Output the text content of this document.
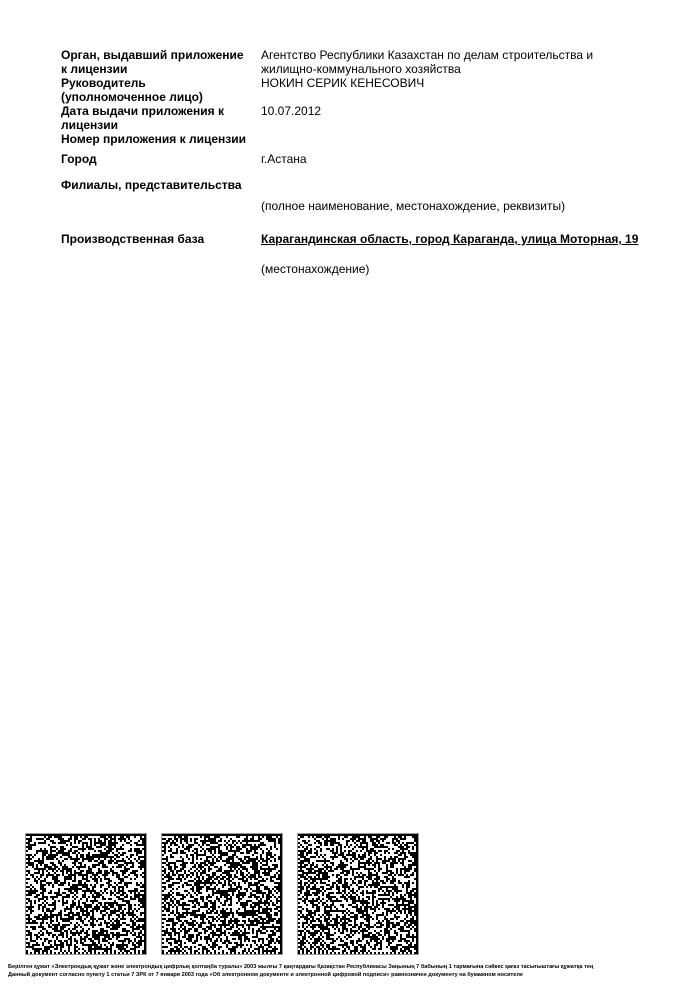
Орган, выдавший приложение к лицензии
Агентство Республики Казахстан по делам строительства и жилищно-коммунального хозяйства
Руководитель (уполномоченное лицо)
НОКИН СЕРИК КЕНЕСОВИЧ
Дата выдачи приложения к лицензии
10.07.2012
Номер приложения к лицензии
Город	г.Астана
Филиалы, представительства
(полное наименование, местонахождение, реквизиты)
Производственная база	Карагандинская область, город Караганда, улица Моторная, 19
(местонахождение)
Берілген құжат «Электрондық құжат және электрондық цифрлық қолтаңба туралы» 2003 жылғы 7 қаңтардағы Қазақстан Республикасы Заңының 7 бабының 1 тармағына сәйкес қағаз тасығыштағы құжатқа тең
Данный документ согласно пункту 1 статьи 7 ЗРК от 7 января 2003 года «Об электронном документе и электронной цифровой подписи» равнозначен документу на бумажном носителе
